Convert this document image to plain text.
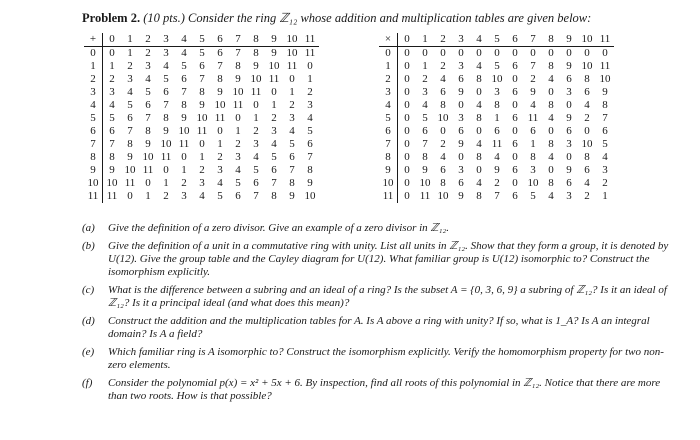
Problem 2. (10 pts.) Consider the ring ℤ₁₂ whose addition and multiplication tables are given below:
+	0	1	2	3	4	5	6	7	8	9	10	11
0	0	1	2	3	4	5	6	7	8	9	10	11
1	1	2	3	4	5	6	7	8	9	10	11	0
2	2	3	4	5	6	7	8	9	10	11	0	1
3	3	4	5	6	7	8	9	10	11	0	1	2
4	4	5	6	7	8	9	10	11	0	1	2	3
5	5	6	7	8	9	10	11	0	1	2	3	4
6	6	7	8	9	10	11	0	1	2	3	4	5
7	7	8	9	10	11	0	1	2	3	4	5	6
8	8	9	10	11	0	1	2	3	4	5	6	7
9	9	10	11	0	1	2	3	4	5	6	7	8
10	10	11	0	1	2	3	4	5	6	7	8	9
11	11	0	1	2	3	4	5	6	7	8	9	10
×	0	1	2	3	4	5	6	7	8	9	10	11
0	0	0	0	0	0	0	0	0	0	0	0	0
1	0	1	2	3	4	5	6	7	8	9	10	11
2	0	2	4	6	8	10	0	2	4	6	8	10
3	0	3	6	9	0	3	6	9	0	3	6	9
4	0	4	8	0	4	8	0	4	8	0	4	8
5	0	5	10	3	8	1	6	11	4	9	2	7
6	0	6	0	6	0	6	0	6	0	6	0	6
7	0	7	2	9	4	11	6	1	8	3	10	5
8	0	8	4	0	8	4	0	8	4	0	8	4
9	0	9	6	3	0	9	6	3	0	9	6	3
10	0	10	8	6	4	2	0	10	8	6	4	2
11	0	11	10	9	8	7	6	5	4	3	2	1
(a) Give the definition of a zero divisor. Give an example of a zero divisor in ℤ₁₂.
(b) Give the definition of a unit in a commutative ring with unity. List all units in ℤ₁₂. Show that they form a group, it is denoted by U(12). Give the group table and the Cayley diagram for U(12). What familiar group is U(12) isomorphic to? Construct the isomorphism explicitly.
(c) What is the difference between a subring and an ideal of a ring? Is the subset A = {0, 3, 6, 9} a subring of ℤ₁₂? Is it an ideal of ℤ₁₂? Is it a principal ideal (and what does this mean)?
(d) Construct the addition and the multiplication tables for A. Is A above a ring with unity? If so, what is 1_A? Is A an integral domain? Is A a field?
(e) Which familiar ring is A isomorphic to? Construct the isomorphism explicitly. Verify the homomorphism property for two non-zero elements.
(f) Consider the polynomial p(x) = x² + 5x + 6. By inspection, find all roots of this polynomial in ℤ₁₂. Notice that there are more than two roots. How is that possible?
